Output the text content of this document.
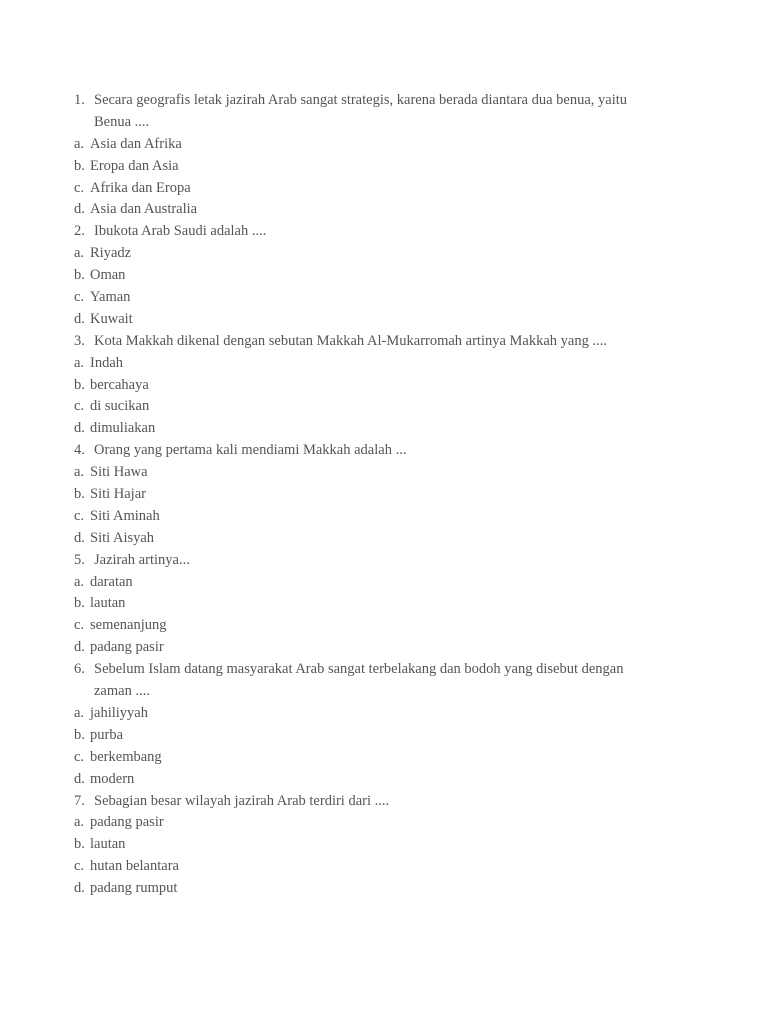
1. Secara geografis letak jazirah Arab sangat strategis, karena berada diantara dua benua, yaitu
Benua ....
a. Asia dan Afrika
b. Eropa dan Asia
c. Afrika dan Eropa
d. Asia dan Australia
2. Ibukota Arab Saudi adalah ....
a. Riyadz
b. Oman
c. Yaman
d. Kuwait
3. Kota Makkah dikenal dengan sebutan Makkah Al-Mukarromah artinya Makkah yang ....
a. Indah
b. bercahaya
c. di sucikan
d. dimuliakan
4. Orang yang pertama kali mendiami Makkah adalah ...
a. Siti Hawa
b. Siti Hajar
c. Siti Aminah
d. Siti Aisyah
5. Jazirah artinya...
a. daratan
b. lautan
c. semenanjung
d. padang pasir
6. Sebelum Islam datang masyarakat Arab sangat terbelakang dan bodoh yang disebut dengan
zaman ....
a. jahiliyyah
b. purba
c. berkembang
d. modern
7. Sebagian besar wilayah jazirah Arab terdiri dari ....
a. padang pasir
b. lautan
c. hutan belantara
d. padang rumput
